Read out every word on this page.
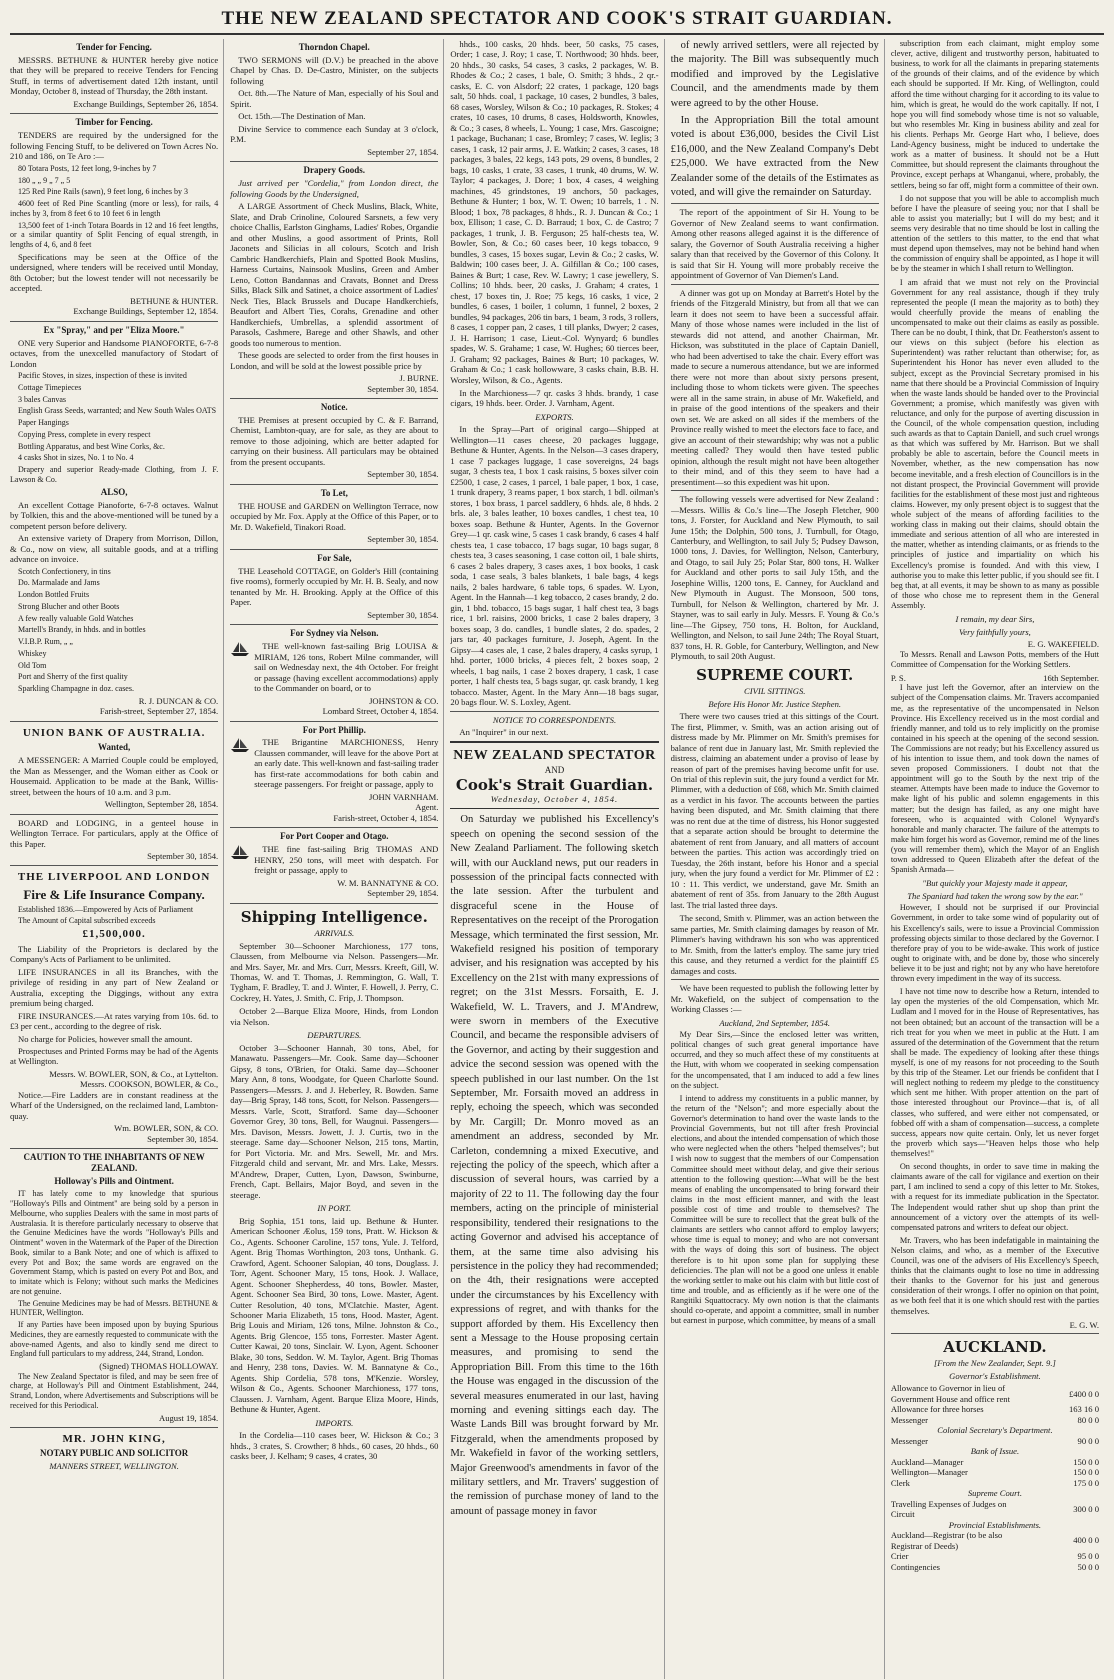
THE NEW ZEALAND SPECTATOR AND COOK'S STRAIT GUARDIAN.
Tender for Fencing.

MESSRS. BETHUNE & HUNTER hereby give notice that they will be prepared to receive Tenders for Fencing Stuff, in terms of advertisement dated 12th instant, until Monday, October 8, instead of Thursday, the 28th instant.

Exchange Buildings, September 26, 1854.
Timber for Fencing.

TENDERS are required by the undersigned for the following Fencing Stuff, to be delivered on Town Acres No. 210 and 186, on Te Aro :—

80 Totara Posts, 12 feet long, 9-inches by 7

180 „ „ 9 „ 7 „ 5

125 Red Pine Rails (sawn), 9 feet long, 6 inches by 3

4600 feet of Red Pine Scantling (more or less), for rails, 4 inches by 3, from 8 feet 6 to 10 feet 6 in length

13,500 feet of 1-inch Totara Boards in 12 and 16 feet lengths, or a similar quantity of Split Fencing of equal strength, in lengths of 4, 6, and 8 feet

Specifications may be seen at the Office of the undersigned, where tenders will be received until Monday, 8th October; but the lowest tender will not necessarily be accepted.

BETHUNE & HUNTER.
Exchange Buildings, September 12, 1854.
Ex "Spray," and per "Eliza Moore."

ONE very Superior and Handsome PIANOFORTE, 6-7-8 octaves, from the unexcelled manufactory of Stodart of London

Pacific Stoves, in sizes, inspection of these is invited

Cottage Timepieces

3 bales Canvas

English Grass Seeds, warranted; and New South Wales OATS

Paper Hangings

Copying Press, complete in every respect

Bottling Apparatus, and best Wine Corks, &c.

4 casks Shot in sizes, No. 1 to No. 4

Drapery and superior Ready-made Clothing, from J. F. Lawson & Co.

ALSO,

An excellent Cottage Pianoforte, 6-7-8 octaves. Walnut by Tolkien, this and the above-mentioned will be tuned by a competent person before delivery.

An extensive variety of Drapery from Morrison, Dillon, & Co., now on view, all suitable goods, and at a trifling advance on invoice.

Scotch Confectionery, in tins

Do. Marmalade and Jams

London Bottled Fruits

Strong Blucher and other Boots

A few really valuable Gold Watches

Martell's Brandy, in hhds. and in bottles

V.I.B.P. Rum, „ „

Whiskey

Old Tom

Port and Sherry of the first quality

Sparkling Champagne in doz. cases.

R. J. DUNCAN & CO.
Farish-street, September 27, 1854.
UNION BANK OF AUSTRALIA.
Wanted,

A MESSENGER: A Married Couple could be employed, the Man as Messenger, and the Woman either as Cook or Housemaid. Application to be made at the Bank, Willis-street, between the hours of 10 a.m. and 3 p.m.

Wellington, September 28, 1854.

BOARD and LODGING, in a genteel house in Wellington Terrace. For particulars, apply at the Office of this Paper.

September 30, 1854.
THE LIVERPOOL AND LONDON
Fire & Life Insurance Company.

Established 1836.—Empowered by Acts of Parliament

The Amount of Capital subscribed exceeds

£1,500,000.

The Liability of the Proprietors is declared by the Company's Acts of Parliament to be unlimited.

LIFE INSURANCES in all its Branches, with the privilege of residing in any part of New Zealand or Australia, excepting the Diggings, without any extra premium being charged.

FIRE INSURANCES.—At rates varying from 10s. 6d. to £3 per cent., according to the degree of risk.

No charge for Policies, however small the amount.

Prospectuses and Printed Forms may be had of the Agents at Wellington.

Messrs. W. BOWLER, SON, & Co., at Lyttelton.
Messrs. COOKSON, BOWLER, & Co.,

Notice.—Fire Ladders are in constant readiness at the Wharf of the Undersigned, on the reclaimed land, Lambton-quay.

Wm. BOWLER, SON, & CO.
September 30, 1854.
CAUTION TO THE INHABITANTS OF NEW ZEALAND.
Holloway's Pills and Ointment.

IT has lately come to my knowledge that spurious "Holloway's Pills and Ointment" are being sold by a person in Melbourne, who supplies Dealers with the same in most parts of Australasia. It is therefore particularly necessary to observe that the Genuine Medicines have the words "Holloway's Pills and Ointment" woven in the Watermark of the Paper of the Direction Book, similar to a Bank Note; and one of which is affixed to every Pot and Box; the same words are engraved on the Government Stamp, which is pasted on every Pot and Box, and to imitate which is Felony; without such marks the Medicines are not genuine.

The Genuine Medicines may be had of Messrs. BETHUNE & HUNTER, Wellington.

If any Parties have been imposed upon by buying Spurious Medicines, they are earnestly requested to communicate with the above-named Agents, and also to kindly send me direct to England full particulars to my address, 244, Strand, London.

(Signed) THOMAS HOLLOWAY.

The New Zealand Spectator is filed, and may be seen free of charge, at Holloway's Pill and Ointment Establishment, 244, Strand, London, where Advertisements and Subscriptions will be received for this Periodical.

August 19, 1854.
MR. JOHN KING,
NOTARY PUBLIC AND SOLICITOR
MANNERS STREET, WELLINGTON.
Thorndon Chapel.

TWO SERMONS will (D.V.) be preached in the above Chapel by Chas. D. De-Castro, Minister, on the subjects following

Oct. 8th.—The Nature of Man, especially of his Soul and Spirit.

Oct. 15th.—The Destination of Man.

Divine Service to commence each Sunday at 3 o'clock, P.M.

September 27, 1854.
Drapery Goods.

Just arrived per "Cordelia," from London direct, the following Goods by the Undersigned,

A LARGE Assortment of Check Muslins, Black, White, Slate, and Drab Crinoline, Coloured Sarsnets, a few very choice Challis, Earlston Ginghams, Ladies' Robes, Organdie and other Muslins, a good assortment of Prints, Roll Jaconets and Silicias in all colours, Scotch and Irish Cambric Handkerchiefs, Plain and Spotted Book Muslins, Harness Curtains, Nainsook Muslins, Green and Amber Leno, Cotton Bandannas and Cravats, Bonnet and Dress Silks, Black Silk and Satinet, a choice assortment of Ladies' Neck Ties, Black Brussels and Ducape Handkerchiefs, Beaufort and Albert Ties, Corahs, Grenadine and other Handkerchiefs, Umbrellas, a splendid assortment of Parasols, Cashmere, Barege and other Shawls, and other goods too numerous to mention.

These goods are selected to order from the first houses in London, and will be sold at the lowest possible price by

J. BURNE.
September 30, 1854.
Notice.

THE Premises at present occupied by C. & F. Barrand, Chemist, Lambton-quay, are for sale, as they are about to remove to those adjoining, which are better adapted for carrying on their business. All particulars may be obtained from the present occupants.

September 30, 1854.
To Let,

THE HOUSE and GARDEN on Wellington Terrace, now occupied by Mr. Fox. Apply at the Office of this Paper, or to Mr. D. Wakefield, Tinakori Road.

September 30, 1854.
For Sale,

THE Leasehold COTTAGE, on Golder's Hill (containing five rooms), formerly occupied by Mr. H. B. Sealy, and now tenanted by Mr. H. Brooking. Apply at the Office of this Paper.

September 30, 1854.
For Sydney via Nelson.

THE well-known fast-sailing Brig LOUISA & MIRIAM, 126 tons, Robert Milne commander, will sail on Wednesday next, the 4th October. For freight or passage (having excellent accommodations) apply to the Commander on board, or to

JOHNSTON & CO.
Lombard Street, October 4, 1854.
For Port Phillip.

THE Brigantine MARCHIONESS, Henry Claussen commander, will leave for the above Port at an early date. This well-known and fast-sailing trader has first-rate accommodations for both cabin and steerage passengers. For freight or passage, apply to

JOHN VARNHAM.
Agent.
Farish-street, October 4, 1854.
For Port Cooper and Otago.

THE fine fast-sailing Brig THOMAS AND HENRY, 250 tons, will meet with despatch. For freight or passage, apply to

W. M. BANNATYNE & CO.
September 29, 1854.
Shipping Intelligence.
ARRIVALS.

September 30—Schooner Marchioness, 177 tons, Claussen, from Melbourne via Nelson. Passengers—Mr. and Mrs. Sayer, Mr. and Mrs. Curr, Messrs. Kreeft, Gill, W. Thomas, W. and T. Thomas, J. Remmington, G. Wall, T. Tygham, F. Bradley, T. and J. Winter, F. Howell, J. Perry, C. Cockrey, H. Yates, J. Smith, C. Frip, J. Thompson.

October 2—Barque Eliza Moore, Hinds, from London via Nelson.

DEPARTURES.

October 3—Schooner Hannah, 30 tons, Abel, for Manawatu. Passengers—Mr. Cook. Same day—Schooner Gipsy, 8 tons, O'Brien, for Otaki. Same day—Schooner Mary Ann, 8 tons, Woodgate, for Queen Charlotte Sound. Passengers—Messrs. J. and J. Heberley, R. Bowden. Same day—Brig Spray, 148 tons, Scott, for Nelson. Passengers—Messrs. Varle, Scott, Stratford. Same day—Schooner Governor Grey, 30 tons, Bell, for Waugnui. Passengers—Mrs. Davison, Messrs. Jowett, J. J. Curtis, two in the steerage. Same day—Schooner Nelson, 215 tons, Martin, for Port Victoria. Mr. and Mrs. Sewell, Mr. and Mrs. Fitzgerald child and servant, Mr. and Mrs. Lake, Messrs. M'Andrew, Draper, Cutten, Lyon, Dawson, Swinburne, French, Capt. Bellairs, Major Boyd, and seven in the steerage.

IN PORT.

Brig Sophia, 151 tons, laid up. Bethune & Hunter. American Schooner Æolus, 159 tons, Pratt. W. Hickson & Co., Agents. Schooner Caroline, 157 tons, Yule. J. Telford, Agent. Brig Thomas Worthington, 203 tons, Unthank. G. Crawford, Agent. Schooner Salopian, 40 tons, Douglass. J. Torr, Agent. Schooner Mary, 15 tons, Hook. J. Wallace, Agent. Schooner Shepherdess, 40 tons, Bowler. Master, Agent. Schooner Sea Bird, 30 tons, Lowe. Master, Agent. Cutter Resolution, 40 tons, M'Clatchie. Master, Agent. Schooner Maria Elizabeth, 15 tons, Hood. Master, Agent. Brig Louis and Miriam, 126 tons, Milne. Johnston & Co., Agents. Brig Glencoe, 155 tons, Forrester. Master Agent. Cutter Kawai, 20 tons, Sinclair. W. Lyon, Agent. Schooner Blake, 30 tons, Seddon. W. M. Taylor, Agent. Brig Thomas and Henry, 238 tons, Davies. W. M. Bannatyne & Co., Agents. Ship Cordelia, 578 tons, M'Kenzie. Worsley, Wilson & Co., Agents. Schooner Marchioness, 177 tons, Claussen. J. Varnham, Agent. Barque Eliza Moore, Hinds, Bethune & Hunter, Agent.

IMPORTS.

In the Cordelia—110 cases beer, W. Hickson & Co.; 3 hhds., 3 crates, S. Crowther; 8 hhds., 60 cases, 20 hhds., 60 casks beer, J. Kelham; 9 cases, 4 crates, 30

hhds., 100 casks, 20 hhds. beer, 50 casks, 75 cases, Order; 1 case, J. Roy; 1 case, T. Northwood; 30 hhds. beer, 20 hhds., 30 casks, 54 cases, 3 casks, 2 packages, W. B. Rhodes & Co.; 2 cases, 1 bale, O. Smith; 3 hhds., 2 qr.-casks, E. C. von Alsdorf; 22 crates, 1 package, 120 bags salt, 50 hhds. coal, 1 package, 10 cases, 2 bundles, 3 bales, 68 cases, Worsley, Wilson & Co.; 10 packages, R. Stokes; 4 crates, 10 cases, 10 drums, 8 cases, Holdsworth, Knowles, & Co.; 3 cases, 8 wheels, L. Young; 1 case, Mrs. Gascoigne; 1 package, Buchanan; 1 case, Bromley; 7 cases, W. Ieglis; 3 cases, 1 cask, 12 pair arms, J. E. Watkin; 2 cases, 3 cases, 18 packages, 3 bales, 22 kegs, 143 pots, 29 ovens, 8 bundles, 2 bags, 10 casks, 1 crate, 33 cases, 1 trunk, 40 drums, W. W. Taylor; 4 packages, J. Dore; 1 box, 4 cases, 4 weighing machines, 45 grindstones, 19 anchors, 50 packages, Bethune & Hunter; 1 box, W. T. Owen; 10 barrels, 1 . N. Blood; 1 box, 78 packages, 8 hhds., R. J. Duncan & Co.; 1 box, Ellison; 1 case, C. D. Barraud; 1 box, C. de Castro; 7 packages, 1 trunk, J. B. Ferguson; 25 half-chests tea, W. Bowler, Son, & Co.; 60 cases beer, 10 kegs tobacco, 9 bundles, 3 cases, 15 boxes sugar, Levin & Co.; 2 casks, W. Baldwin; 100 cases beer, J. A. Gilfillan & Co.; 100 cases, Baines & Burt; 1 case, Rev. W. Lawry; 1 case jewellery, S. Collins; 10 hhds. beer, 20 casks, J. Graham; 4 crates, 1 chest, 17 boxes tin, J. Roe; 75 kegs, 16 casks, 1 vice, 2 bundles, 6 cases, 1 boiler, 1 column, 1 funnel, 2 boxes, 2 bundles, 94 packages, 206 tin bars, 1 beam, 3 rods, 3 rollers, 8 cases, 1 copper pan, 2 cases, 1 till planks, Dwyer; 2 cases, J. H. Harrison; 1 case, Lieut.-Col. Wynyard; 6 bundles spades, W. S. Grahame; 1 case, W. Hughes; 60 tierces beer, J. Graham; 92 packages, Baines & Burt; 10 packages, W. Graham & Co.; 1 cask hollowware, 3 casks chain, B.B. H. Worsley, Wilson, & Co., Agents.

In the Marchioness—7 qr. casks 3 hhds. brandy, 1 case cigars, 19 hhds. beer. Order. J. Varnham, Agent.

EXPORTS.

In the Spray—Part of original cargo—Shipped at Wellington—11 cases cheese, 20 packages luggage, Bethune & Hunter, Agents. In the Nelson—3 cases drapery, 1 case 7 packages luggage, 1 case sovereigns, 24 bags sugar, 3 chests tea, 1 box 1 cask raisins, 5 boxes silver coin £2500, 1 case, 2 cases, 1 parcel, 1 bale paper, 1 box, 1 case, 1 trunk drapery, 3 reams paper, 1 box starch, 1 bdl. oilman's stores, 1 box brass, 1 parcel saddlery, 6 hhds. ale, 8 hhds. 2 brls. ale, 3 bales leather, 10 boxes candles, 1 chest tea, 10 boxes soap. Bethune & Hunter, Agents. In the Governor Grey—1 qr. cask wine, 5 cases 1 cask brandy, 6 cases 4 half chests tea, 1 case tobacco, 17 bags sugar, 10 bags sugar, 8 chests tea, 3 cases seasoning, 1 case cotton oil, 1 bale shirts, 6 cases 2 bales drapery, 3 cases axes, 1 box books, 1 cask soda, 1 case seals, 3 bales blankets, 1 bale bags, 4 kegs nails, 2 bales hardware, 6 table tops, 6 spades. W. Lyon, Agent. In the Hannah—1 keg tobacco, 2 cases brandy, 2 do. gin, 1 bhd. tobacco, 15 bags sugar, 1 half chest tea, 3 bags rice, 1 brl. raisins, 2000 bricks, 1 case 2 bales drapery, 3 boxes soap, 3 do. candles, 1 bundle slates, 2 do. spades, 2 jars tar, 40 packages furniture, J. Joseph, Agent. In the Gipsy—4 cases ale, 1 case, 2 bales drapery, 4 casks syrup, 1 hhd. porter, 1000 bricks, 4 pieces felt, 2 boxes soap, 2 wheels, 1 bag nails, 1 case 2 boxes drapery, 1 cask, 1 case porter, 1 half chests tea, 5 bags sugar, qr. cask brandy, 1 keg tobacco. Master, Agent. In the Mary Ann—18 bags sugar, 20 bags flour. W. S. Loxley, Agent.

NOTICE TO CORRESPONDENTS.

An "Inquirer" in our next.

NEW ZEALAND SPECTATOR
AND
Cook's Strait Guardian.
Wednesday, October 4, 1854.

On Saturday we published his Excellency's speech on opening the second session of the New Zealand Parliament. The following sketch will, with our Auckland news, put our readers in possession of the principal facts connected with the late session. After the turbulent and disgraceful scene in the House of Representatives on the receipt of the Prorogation Message, which terminated the first session, Mr. Wakefield resigned his position of temporary adviser, and his resignation was accepted by his Excellency on the 21st with many expressions of regret; on the 31st Messrs. Forsaith, E. J. Wakefield, W. L. Travers, and J. M'Andrew, were sworn in members of the Executive Council, and became the responsible advisers of the Governor, and acting by their suggestion and advice the second session was opened with the speech published in our last number. On the 1st September, Mr. Forsaith moved an address in reply, echoing the speech, which was seconded by Mr. Cargill; Dr. Monro moved as an amendment an address, seconded by Mr. Carleton, condemning a mixed Executive, and rejecting the policy of the speech, which after a discussion of several hours, was carried by a majority of 22 to 11. The following day the four members, acting on the principle of ministerial responsibility, tendered their resignations to the acting Governor and advised his acceptance of them, at the same time also advising his persistence in the policy they had recommended; on the 4th, their resignations were accepted under the circumstances by his Excellency with expressions of regret, and with thanks for the support afforded by them. His Excellency then sent a Message to the House proposing certain measures, and promising to send the Appropriation Bill. From this time to the 16th the House was engaged in the discussion of the several measures enumerated in our last, having morning and evening sittings each day. The Waste Lands Bill was brought forward by Mr. Fitzgerald, when the amendments proposed by Mr. Wakefield in favor of the working settlers, Major Greenwood's amendments in favor of the military settlers, and Mr. Travers' suggestion of the remission of purchase money of land to the amount of passage money in favor

of newly arrived settlers, were all rejected by the majority. The Bill was subsequently much modified and improved by the Legislative Council, and the amendments made by them were agreed to by the other House.

In the Appropriation Bill the total amount voted is about £36,000, besides the Civil List £16,000, and the New Zealand Company's Debt £25,000. We have extracted from the New Zealander some of the details of the Estimates as voted, and will give the remainder on Saturday.

The report of the appointment of Sir H. Young to be Governor of New Zealand seems to want confirmation. Among other reasons alleged against it is the difference of salary, the Governor of South Australia receiving a higher salary than that received by the Governor of this Colony. It is said that Sir H. Young will more probably receive the appointment of Governor of Van Diemen's Land.

A dinner was got up on Monday at Barrett's Hotel by the friends of the Fitzgerald Ministry, but from all that we can learn it does not seem to have been a successful affair. Many of those whose names were included in the list of stewards did not attend, and another Chairman, Mr. Hickson, was substituted in the place of Captain Daniell, who had been advertised to take the chair. Every effort was made to secure a numerous attendance, but we are informed there were not more than about sixty persons present, including those to whom tickets were given. The speeches were all in the same strain, in abuse of Mr. Wakefield, and in praise of the good intentions of the speakers and their own set. We are asked on all sides if the members of the Province really wished to meet the electors face to face, and give an account of their stewardship; why was not a public meeting called? They would then have tested public opinion, although the result might not have been altogether to their mind, and of this they seem to have had a presentiment—so this expedient was hit upon.

The following vessels were advertised for New Zealand :—Messrs. Willis & Co.'s line—The Joseph Fletcher, 900 tons, J. Forster, for Auckland and New Plymouth, to sail June 15th; the Dolphin, 500 tons, J. Turnbull, for Otago, Canterbury, and Wellington, to sail July 5; Pudsey Dawson, 1000 tons, J. Davies, for Wellington, Nelson, Canterbury, and Otago, to sail July 25; Polar Star, 800 tons, H. Walker for Auckland and other ports to sail July 15th, and the Josephine Willis, 1200 tons, E. Canney, for Auckland and New Plymouth in August. The Monsoon, 500 tons, Turnbull, for Nelson & Wellington, chartered by Mr. J. Stayner, was to sail early in July. Messrs. F. Young & Co.'s line—The Gipsey, 750 tons, H. Bolton, for Auckland, Wellington, and Nelson, to sail June 24th; The Royal Stuart, 837 tons, H. R. Goble, for Canterbury, Wellington, and New Plymouth, to sail 20th August.

SUPREME COURT.
CIVIL SITTINGS.
Before His Honor Mr. Justice Stephen.

There were two causes tried at this sittings of the Court. The first, Plimmer, v. Smith, was an action arising out of distress made by Mr. Plimmer on Mr. Smith's premises for balance of rent due in January last, Mr. Smith replevied the distress, claiming an abatement under a proviso of lease by reason of part of the premises having become unfit for use. On trial of this replevin suit, the jury found a verdict for Mr. Plimmer, with a deduction of £68, which Mr. Smith claimed as a verdict in his favor. The accounts between the parties having been disputed, and Mr. Smith claiming that there was no rent due at the time of distress, his Honor suggested that a separate action should be brought to determine the abatement of rent from January, and all matters of account between the parties. This action was accordingly tried on Tuesday, the 26th instant, before his Honor and a special jury, when the jury found a verdict for Mr. Plimmer of £2 : 10 : 11. This verdict, we understand, gave Mr. Smith an abatement of rent of 35s. from January to the 28th August last. The trial lasted three days.

The second, Smith v. Plimmer, was an action between the same parties, Mr. Smith claiming damages by reason of Mr. Plimmer's having withdrawn his son who was apprenticed to Mr. Smith, from the latter's employ. The same jury tried this cause, and they returned a verdict for the plaintiff £5 damages and costs.

We have been requested to publish the following letter by Mr. Wakefield, on the subject of compensation to the Working Classes :—

Auckland, 2nd September, 1854.

My Dear Sirs,—Since the enclosed letter was written, political changes of such great general importance have occurred, and they so much affect these of my constituents at the Hutt, with whom we cooperated in seeking compensation for the uncompensated, that I am induced to add a few lines on the subject.

I intend to address my constituents in a public manner, by the return of the "Nelson"; and more especially about the Governor's determination to hand over the waste lands to the Provincial Governments, but not till after fresh Provincial elections, and about the intended compensation of which those who were neglected when the others "helped themselves"; but I wish now to suggest that the members of our Compensation Committee should meet without delay, and give their serious attention to the following question:—What will be the best means of enabling the uncompensated to bring forward their claims in the most efficient manner, and with the least possible cost of time and trouble to themselves? The Committee will be sure to recollect that the great bulk of the claimants are settlers who cannot afford to employ lawyers; whose time is equal to money; and who are not conversant with the ways of doing this sort of business. The object therefore is to hit upon some plan for supplying these deficiencies. The plan will not be a good one unless it enable the working settler to make out his claim with but little cost of time and trouble, and as efficiently as if he were one of the Rangitiki Squattocracy. My own notion is that the claimants should co-operate, and appoint a committee, small in number but earnest in purpose, which committee, by means of a small

subscription from each claimant, might employ some clever, active, diligent and trustworthy person, habituated to business, to work for all the claimants in preparing statements of the grounds of their claims, and of the evidence by which each should be supported. If Mr. King, of Wellington, could afford the time without charging for it according to its value to him, which is great, he would do the work capitally. If not, I hope you will find somebody whose time is not so valuable, but who resembles Mr. King in business ability and zeal for his clients. Perhaps Mr. George Hart who, I believe, does Land-Agency business, might be induced to undertake the work as a matter of business. It should not be a Hutt Committee, but should represent the claimants throughout the Province, except perhaps at Whanganui, where, probably, the settlers, being so far off, might form a committee of their own.

I do not suppose that you will be able to accomplish much before I have the pleasure of seeing you; nor that I shall be able to assist you materially; but I will do my best; and it seems very desirable that no time should be lost in calling the attention of the settlers to this matter, to the end that what must depend upon themselves, may not be behind hand when the commission of enquiry shall be appointed, as I hope it will be by the steamer in which I shall return to Wellington.

I am afraid that we must not rely on the Provincial Government for any real assistance, though if they truly represented the people (I mean the majority as to both) they would cheerfully provide the means of enabling the uncompensated to make out their claims as easily as possible. There can be no doubt, I think, that Dr. Featherston's assent to our views on this subject (before his election as Superintendent) was rather reluctant than otherwise; for, as Superintendent his Honor has never even alluded to the subject, except as the Provincial Secretary promised in his name that there should be a Provincial Commission of Inquiry when the waste lands should be handed over to the Provincial Government; a promise, which manifestly was given with reluctance, and only for the purpose of averting discussion in the Council, of the whole compensation question, including such awards as that to Captain Daniell, and such cruel wrongs as that which was suffered by Mr. Harrison. But we shall probably be able to ascertain, before the Council meets in November, whether, as the new compensation has now become inevitable, and a fresh election of Councillors is in the not distant prospect, the Provincial Government will provide facilities for the establishment of these most just and righteous claims. However, my only present object is to suggest that the whole subject of the means of affording facilities to the working class in making out their claims, should obtain the immediate and serious attention of all who are interested in the matter, whether as intending claimants, or as friends to the principles of justice and impartiality on which his Excellency's promise is founded. And with this view, I authorise you to make this letter public, if you should see fit. I beg that, at all events, it may be shown to as many as possible of those who chose me to represent them in the General Assembly.

I remain, my dear Sirs,
Very faithfully yours,
E. G. WAKEFIELD.

To Messrs. Renall and Lawson Potts, members of the Hutt Committee of Compensation for the Working Settlers.

P. S.	16th September.

I have just left the Governor, after an interview on the subject of the Compensation claims. Mr. Travers accompanied me, as the representative of the uncompensated in Nelson Province. His Excellency received us in the most cordial and friendly manner, and told us to rely implicitly on the promise contained in his speech at the opening of the second session. The Commissions are not ready; but his Excellency assured us of his intention to issue them, and took down the names of seven proposed Commissioners. I doubt not that the appointment will go to the South by the next trip of the steamer. Attempts have been made to induce the Governor to make light of his public and solemn engagements in this matter; but the design has failed, as any one might have foreseen, who is acquainted with Colonel Wynyard's honorable and manly character. The failure of the attempts to make him forget his word as Governor, remind me of the lines (you will remember them), which the Mayor of an English town addressed to Queen Elizabeth after the defeat of the Spanish Armada—

"But quickly your Majesty made it appear,
The Spaniard had taken the wrong sow by the ear."

However, I should not be surprised if our Provincial Government, in order to take some wind of popularity out of his Excellency's sails, were to issue a Provincial Commission professing objects similar to those declared by the Governor. I therefore pray of you to be wide-awake. This work of justice ought to originate with, and be done by, those who sincerely believe it to be just and right; not by any who have heretofore thrown every impediment in the way of its success.

I have not time now to describe how a Return, intended to lay open the mysteries of the old Compensation, which Mr. Ludlam and I moved for in the House of Representatives, has not been obtained; but an account of the transaction will be a rich treat for you when we meet in public at the Hutt. I am assured of the determination of the Government that the return shall be made. The expediency of looking after these things myself, is one of my reasons for not proceeding to the South by this trip of the Steamer. Let our friends be confident that I will neglect nothing to redeem my pledge to the constituency which sent me hither. With proper attention on the part of those interested throughout our Province—that is, of all classes, who suffered, and were either not compensated, or fobbed off with a sham of compensation—success, a complete success, appears now quite certain. Only, let us never forget the proverb which says—"Heaven helps those who help themselves!"

On second thoughts, in order to save time in making the claimants aware of the call for vigilance and exertion on their part, I am inclined to send a copy of this letter to Mr. Stokes, with a request for its immediate publication in the Spectator. The Independent would rather shut up shop than print the announcement of a victory over the attempts of its well-compensated patrons and writers to defeat our object.

Mr. Travers, who has been indefatigable in maintaining the Nelson claims, and who, as a member of the Executive Council, was one of the advisers of His Excellency's Speech, thinks that the claimants ought to lose no time in addressing their thanks to the Governor for his just and generous consideration of their wrongs. I offer no opinion on that point, as we both feel that it is one which should rest with the parties themselves.

E. G. W.
AUCKLAND.
[From the New Zealander, Sept. 9.]
Governor's Establishment.
Allowance to Governor in lieu of Government House and office rent	£400 0 0
Allowance for three horses	163 16 0
Messenger	80 0 0
Colonial Secretary's Department.	
Messenger	90 0 0
Bank of Issue.	
Auckland—Manager	150 0 0
Wellington—Manager	150 0 0
Clerk	175 0 0
Supreme Court.	
Travelling Expenses of Judges on Circuit	300 0 0
Provincial Establishments.	
Auckland—Registrar (to be also Registrar of Deeds)	400 0 0
Crier	95 0 0
Contingencies	50 0 0
